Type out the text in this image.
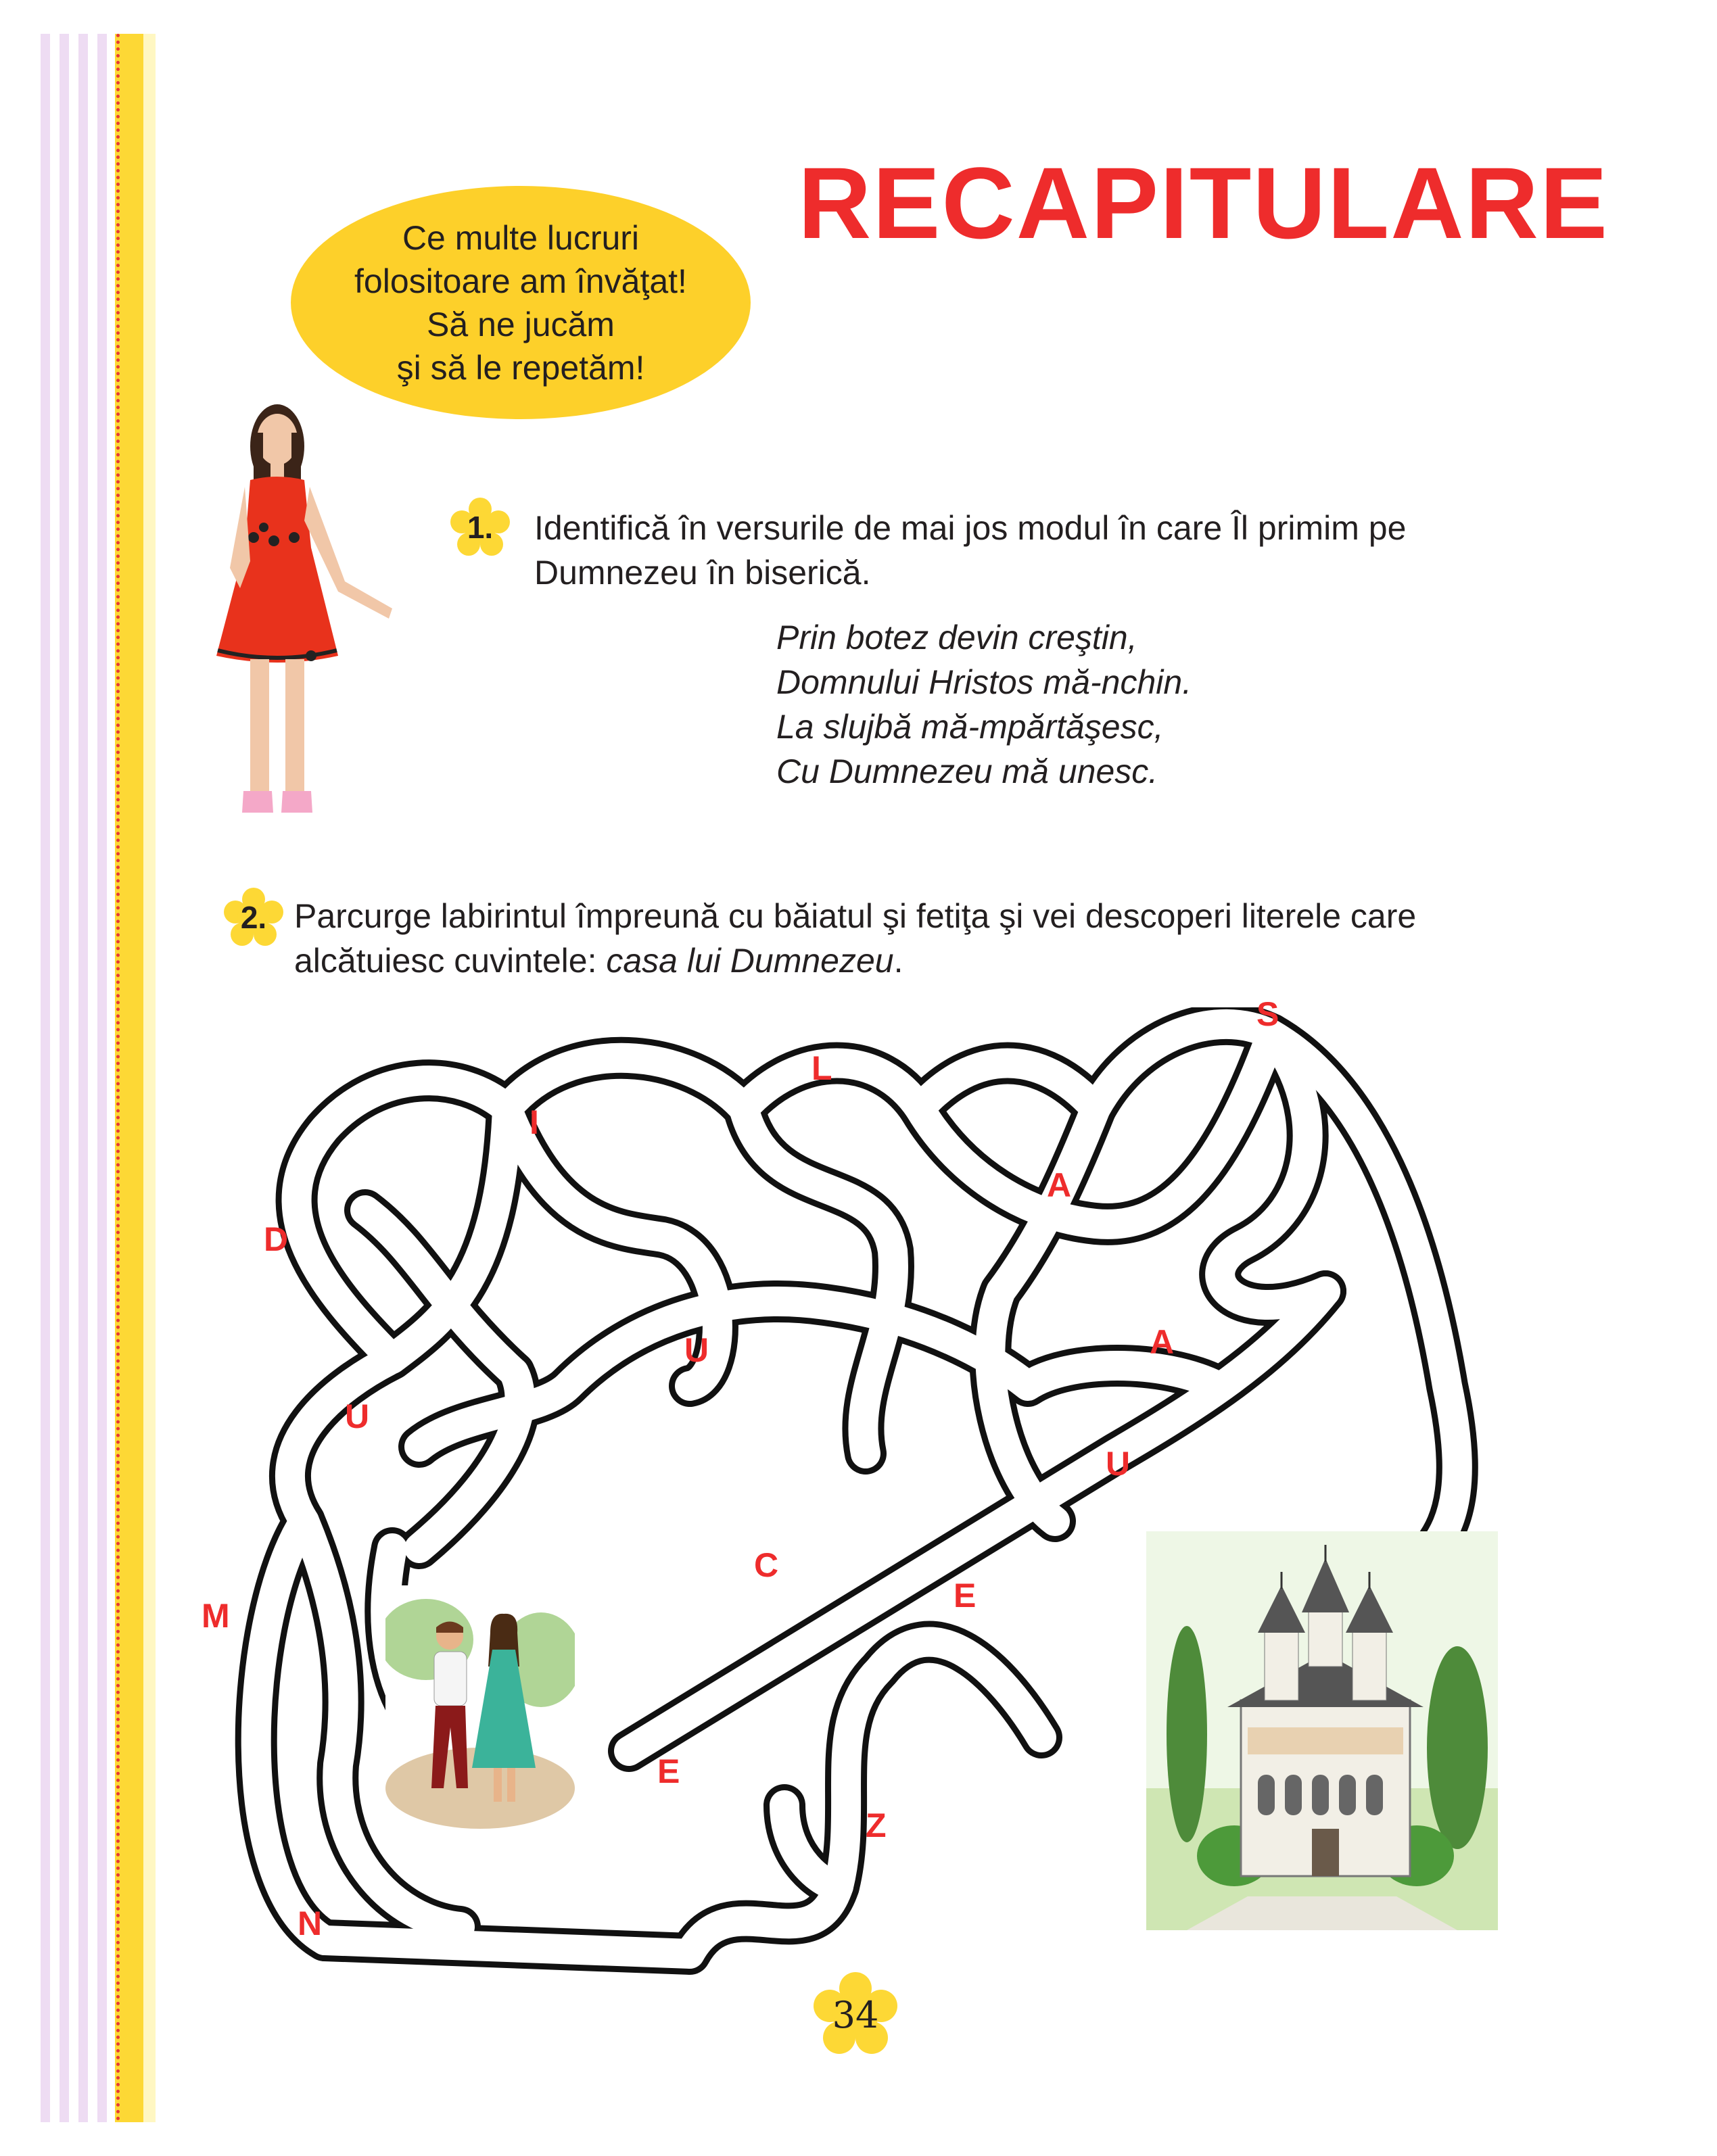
RECAPITULARE
Ce multe lucruri
folositoare am învăţat!
Să ne jucăm
şi să le repetăm!
1.	Identifică în versurile de mai jos modul în care Îl primim pe
Dumnezeu în biserică.
Prin botez devin creştin,
Domnului Hristos mă-nchin.
La slujbă mă-mpărtăşesc,
Cu Dumnezeu mă unesc.
2. Parcurge labirintul împreună cu băiatul şi fetiţa şi vei descoperi literele care
alcătuiesc cuvintele: casa lui Dumnezeu.
S
L
I
A
D
U	A
U
U
C
E
M
E
Z
N
34
